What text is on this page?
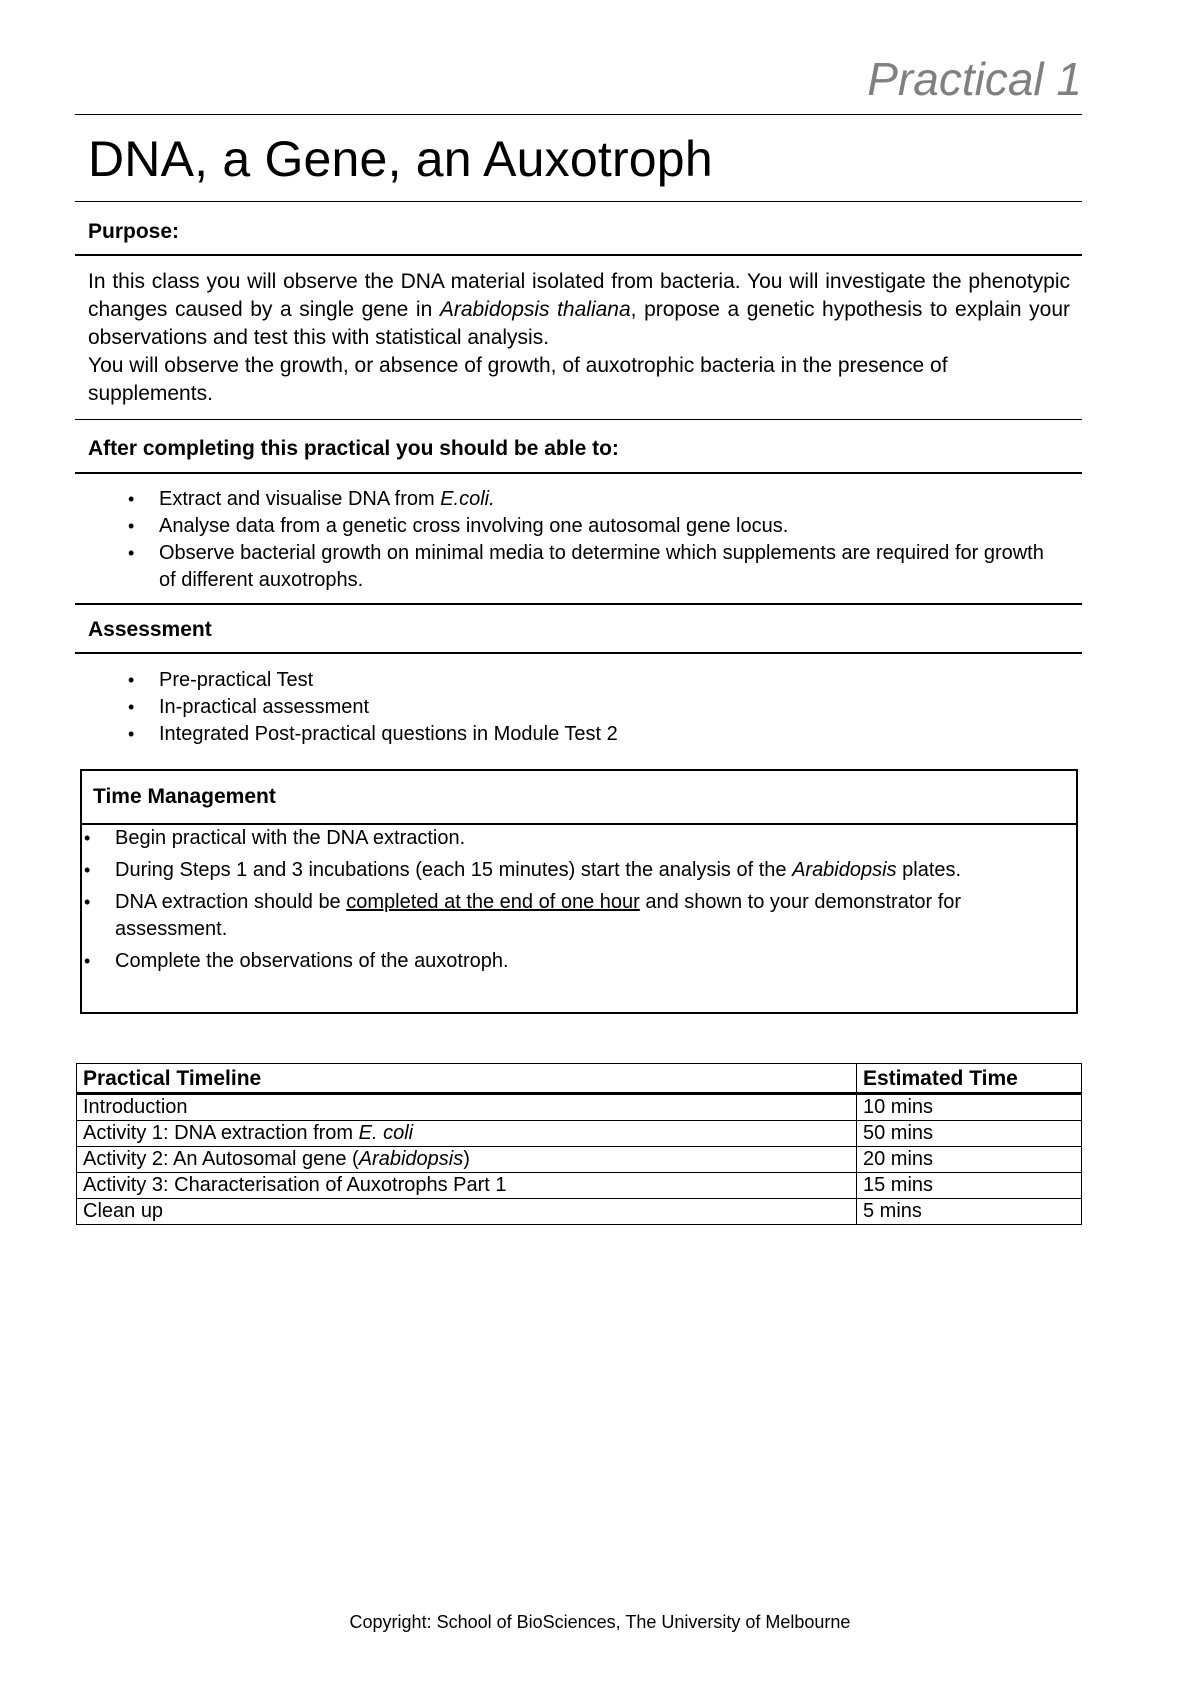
Practical 1
DNA, a Gene, an Auxotroph
Purpose:

In this class you will observe the DNA material isolated from bacteria. You will investigate the phenotypic changes caused by a single gene in Arabidopsis thaliana, propose a genetic hypothesis to explain your observations and test this with statistical analysis.

You will observe the growth, or absence of growth, of auxotrophic bacteria in the presence of supplements.

After completing this practical you should be able to:
• Extract and visualise DNA from E.coli.
• Analyse data from a genetic cross involving one autosomal gene locus.
• Observe bacterial growth on minimal media to determine which supplements are required for growth of different auxotrophs.
Assessment
• Pre-practical Test
• In-practical assessment
• Integrated Post-practical questions in Module Test 2
Time Management
• Begin practical with the DNA extraction.
• During Steps 1 and 3 incubations (each 15 minutes) start the analysis of the Arabidopsis plates.
• DNA extraction should be completed at the end of one hour and shown to your demonstrator for assessment.
• Complete the observations of the auxotroph.
Practical Timeline	Estimated Time
Introduction	10 mins
Activity 1: DNA extraction from E. coli	50 mins
Activity 2: An Autosomal gene (Arabidopsis)	20 mins
Activity 3: Characterisation of Auxotrophs Part 1	15 mins
Clean up	5 mins
Copyright: School of BioSciences, The University of Melbourne
